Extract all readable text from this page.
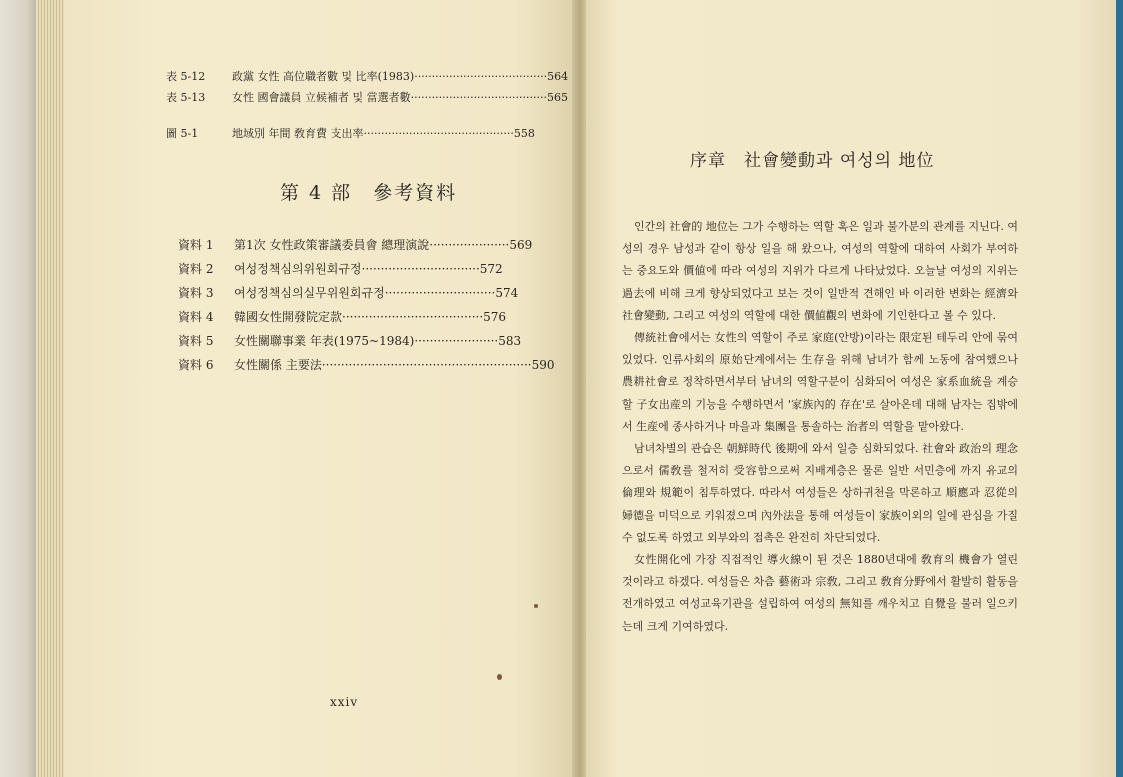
表 5-12 政黨 女性 高位職者數 및 比率(1983)······································564
表 5-13 女性 國會議員 立候補者 및 當選者數·······································565
圖 5-1	地域別 年間 敎育費 支出率···········································558
第 4 部　參考資料
資料 1 第1次 女性政策審議委員會 總理演說·····················569
資料 2 여성정책심의위원회규정·······························572
資料 3 여성정책심의실무위원회규정·····························574
資料 4 韓國女性開發院定款·····································576
資料 5 女性關聯事業 年表(1975~1984)······················583
資料 6 女性關係 主要法·······················································590
xxiv
序章　社會變動과 여성의 地位

인간의 社會的 地位는 그가 수행하는 역할 혹은 일과 불가분의 관계를 지닌다. 여성의 경우 남성과 같이 항상 일을 해 왔으나, 여성의 역할에 대하여 사회가 부여하는 중요도와 價値에 따라 여성의 지위가 다르게 나타났었다. 오늘날 여성의 지위는 過去에 비해 크게 향상되었다고 보는 것이 일반적 견해인 바 이러한 변화는 經濟와 社會變動, 그리고 여성의 역할에 대한 價値觀의 변화에 기인한다고 볼 수 있다.

傳統社會에서는 女性의 역할이 주로 家庭(안방)이라는 限定된 테두리 안에 묶여 있었다. 인류사회의 原始단계에서는 生存을 위해 남녀가 함께 노동에 참여했으나 農耕社會로 정착하면서부터 남녀의 역할구분이 심화되어 여성은 家系血統을 계승할 子女出産의 기능을 수행하면서 '家族內的 存在'로 살아온데 대해 남자는 집밖에서 生産에 종사하거나 마을과 集團을 통솔하는 治者의 역할을 맡아왔다.

남녀차별의 관습은 朝鮮時代 後期에 와서 일층 심화되었다. 社會와 政治의 理念으로서 儒敎를 철저히 受容함으로써 지배계층은 물론 일반 서민층에 까지 유교의 倫理와 規範이 침투하였다. 따라서 여성들은 상하귀천을 막론하고 順應과 忍從의 婦德을 미덕으로 키워졌으며 內外法을 통해 여성들이 家族이외의 일에 관심을 가질 수 없도록 하였고 외부와의 접촉은 완전히 차단되었다.

女性開化에 가장 직접적인 導火線이 된 것은 1880년대에 敎育의 機會가 열린 것이라고 하겠다. 여성들은 차츰 藝術과 宗敎, 그리고 敎育分野에서 활발히 활동을 전개하였고 여성교육기관을 설립하여 여성의 無知를 깨우치고 自覺을 불러 일으키는데 크게 기여하였다.
